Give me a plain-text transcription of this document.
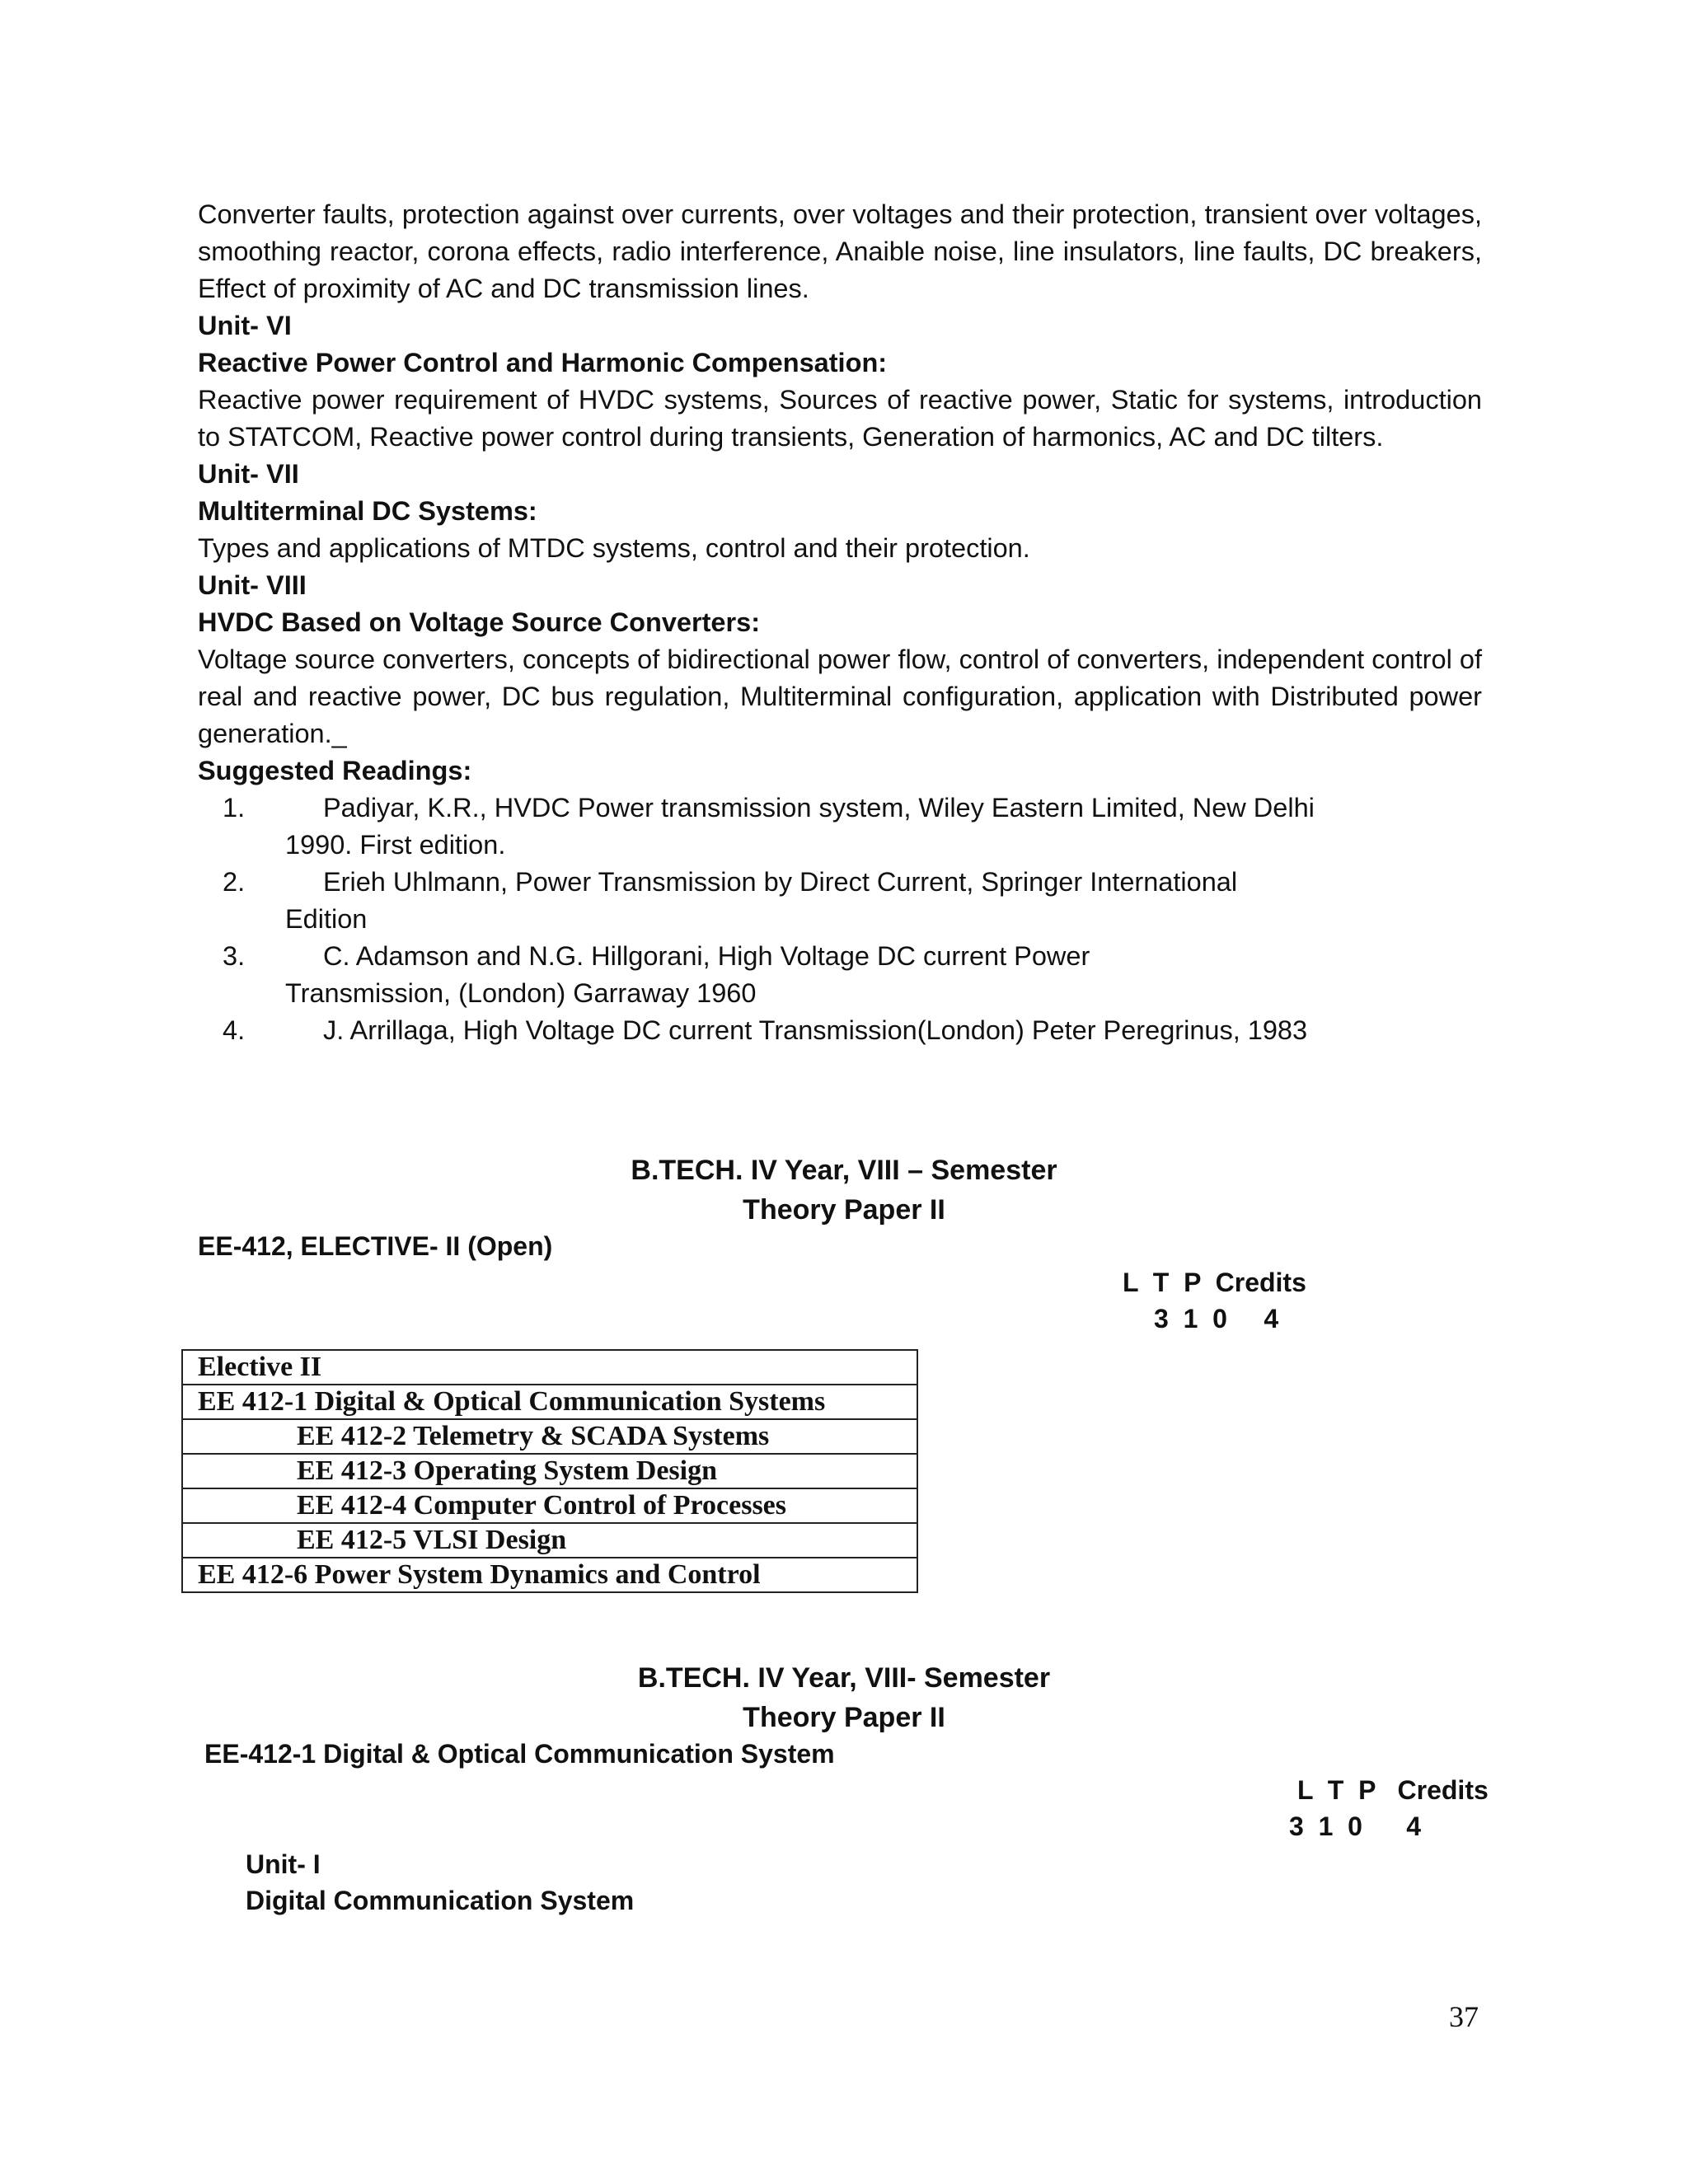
Converter faults, protection against over currents, over voltages and their protection, transient over voltages, smoothing reactor, corona effects, radio interference, Anaible noise, line insulators, line faults, DC breakers, Effect of proximity of AC and DC transmission lines.

Unit- VI

Reactive Power Control and Harmonic Compensation:

Reactive power requirement of HVDC systems, Sources of reactive power, Static for systems, introduction to STATCOM, Reactive power control during transients, Generation of harmonics, AC and DC tilters.

Unit- VII

Multiterminal DC Systems:

Types and applications of MTDC systems, control and their protection.

Unit- VIII

HVDC Based on Voltage Source Converters:

Voltage source converters, concepts of bidirectional power flow, control of converters, independent control of real and reactive power, DC bus regulation, Multiterminal configuration, application with Distributed power generation._

Suggested Readings:

1.	Padiyar, K.R., HVDC Power transmission system, Wiley Eastern Limited, New Delhi
1990. First edition.
2.	Erieh Uhlmann, Power Transmission by Direct Current, Springer International
Edition
3.	C. Adamson and N.G. Hillgorani, High Voltage DC current Power
Transmission, (London) Garraway 1960
4.	J. Arrillaga, High Voltage DC current Transmission(London) Peter Peregrinus, 1983
B.TECH. IV Year, VIII – Semester
Theory Paper II
EE-412, ELECTIVE- II (Open)
L  T  P  Credits
3  1  0     4
Elective II
EE 412-1 Digital & Optical Communication Systems
EE 412-2 Telemetry & SCADA Systems
EE 412-3 Operating System Design
EE 412-4 Computer Control of Processes
EE 412-5 VLSI Design
EE 412-6 Power System Dynamics and Control
B.TECH. IV Year, VIII- Semester
Theory Paper II
EE-412-1 Digital & Optical Communication System
L  T  P   Credits
3  1  0      4
Unit- I
Digital Communication System
37
